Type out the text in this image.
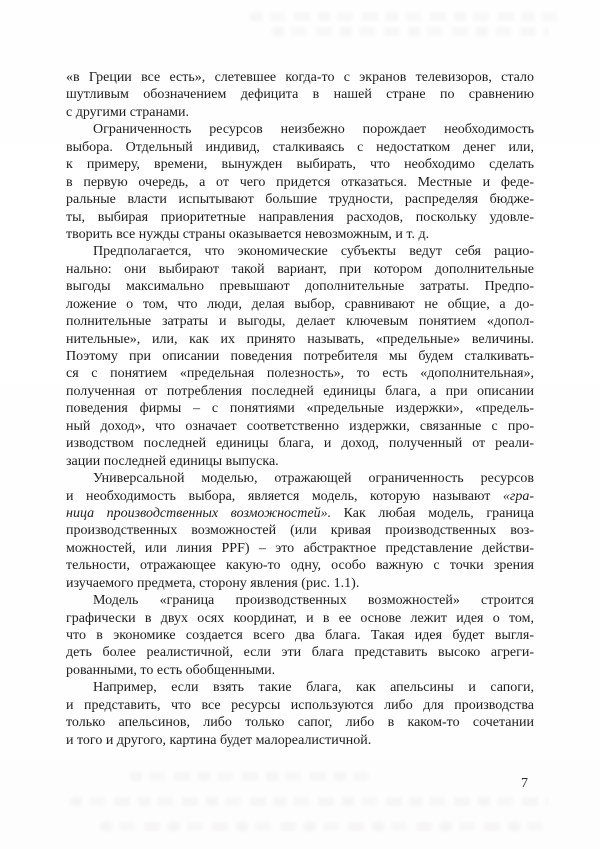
«в Греции все есть», слетевшее когда-то с экранов телевизоров, стало
шутливым обозначением дефицита в нашей стране по сравнению
с другими странами.
Ограниченность ресурсов неизбежно порождает необходимость
выбора. Отдельный индивид, сталкиваясь с недостатком денег или,
к примеру, времени, вынужден выбирать, что необходимо сделать
в первую очередь, а от чего придется отказаться. Местные и феде-
ральные власти испытывают большие трудности, распределяя бюдже-
ты, выбирая приоритетные направления расходов, поскольку удовле-
творить все нужды страны оказывается невозможным, и т. д.
Предполагается, что экономические субъекты ведут себя рацио-
нально: они выбирают такой вариант, при котором дополнительные
выгоды максимально превышают дополнительные затраты. Предпо-
ложение о том, что люди, делая выбор, сравнивают не общие, а до-
полнительные затраты и выгоды, делает ключевым понятием «допол-
нительные», или, как их принято называть, «предельные» величины.
Поэтому при описании поведения потребителя мы будем сталкивать-
ся с понятием «предельная полезность», то есть «дополнительная»,
полученная от потребления последней единицы блага, а при описании
поведения фирмы – с понятиями «предельные издержки», «предель-
ный доход», что означает соответственно издержки, связанные с про-
изводством последней единицы блага, и доход, полученный от реали-
зации последней единицы выпуска.
Универсальной моделью, отражающей ограниченность ресурсов
и необходимость выбора, является модель, которую называют «гра-
ница производственных возможностей». Как любая модель, граница
производственных возможностей (или кривая производственных воз-
можностей, или линия PPF) – это абстрактное представление действи-
тельности, отражающее какую-то одну, особо важную с точки зрения
изучаемого предмета, сторону явления (рис. 1.1).
Модель «граница производственных возможностей» строится
графически в двух осях координат, и в ее основе лежит идея о том,
что в экономике создается всего два блага. Такая идея будет выгля-
деть более реалистичной, если эти блага представить высоко агреги-
рованными, то есть обобщенными.
Например, если взять такие блага, как апельсины и сапоги,
и представить, что все ресурсы используются либо для производства
только апельсинов, либо только сапог, либо в каком-то сочетании
и того и другого, картина будет малореалистичной.
7
